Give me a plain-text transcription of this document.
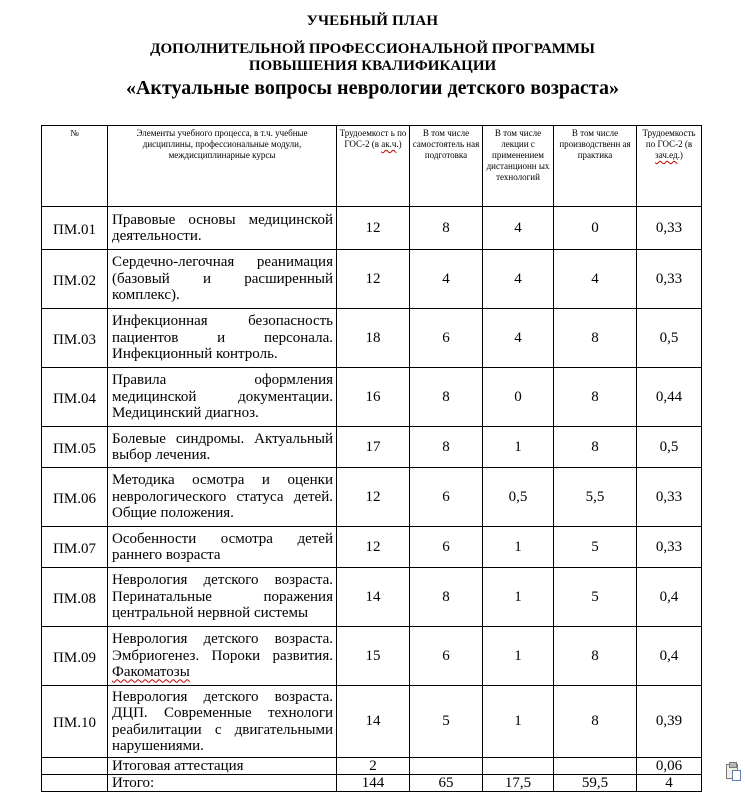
УЧЕБНЫЙ ПЛАН
ДОПОЛНИТЕЛЬНОЙ ПРОФЕССИОНАЛЬНОЙ ПРОГРАММЫ
ПОВЫШЕНИЯ КВАЛИФИКАЦИИ
«Актуальные вопросы неврологии детского возраста»
№	Элементы учебного процесса, в т.ч. учебные дисциплины, профессиональные модули, междисциплинарные курсы	Трудоемкост ь по ГОС-2 (в ак.ч.)	В том числе самостоятель ная подготовка	В том числе лекции с применением дистанционн ых технологий	В том числе производственн ая практика	Трудоемкость по ГОС-2 (в зач.ед.)
ПМ.01	Правовые основы медицинской деятельности.	12	8	4	0	0,33
ПМ.02	Сердечно-легочная реанимация (базовый и расширенный комплекс).	12	4	4	4	0,33
ПМ.03	Инфекционная безопасность пациентов и персонала. Инфекционный контроль.	18	6	4	8	0,5
ПМ.04	Правила оформления медицинской документации. Медицинский диагноз.	16	8	0	8	0,44
ПМ.05	Болевые синдромы. Актуальный выбор лечения.	17	8	1	8	0,5
ПМ.06	Методика осмотра и оценки неврологического статуса детей. Общие положения.	12	6	0,5	5,5	0,33
ПМ.07	Особенности осмотра детей раннего возраста	12	6	1	5	0,33
ПМ.08	Неврология детского возраста. Перинатальные поражения центральной нервной системы	14	8	1	5	0,4
ПМ.09	Неврология детского возраста. Эмбриогенез. Пороки развития. Факоматозы	15	6	1	8	0,4
ПМ.10	Неврология детского возраста. ДЦП. Современные технологи реабилитации с двигательными нарушениями.	14	5	1	8	0,39
	Итоговая аттестация	2				0,06
	Итого:	144	65	17,5	59,5	4
